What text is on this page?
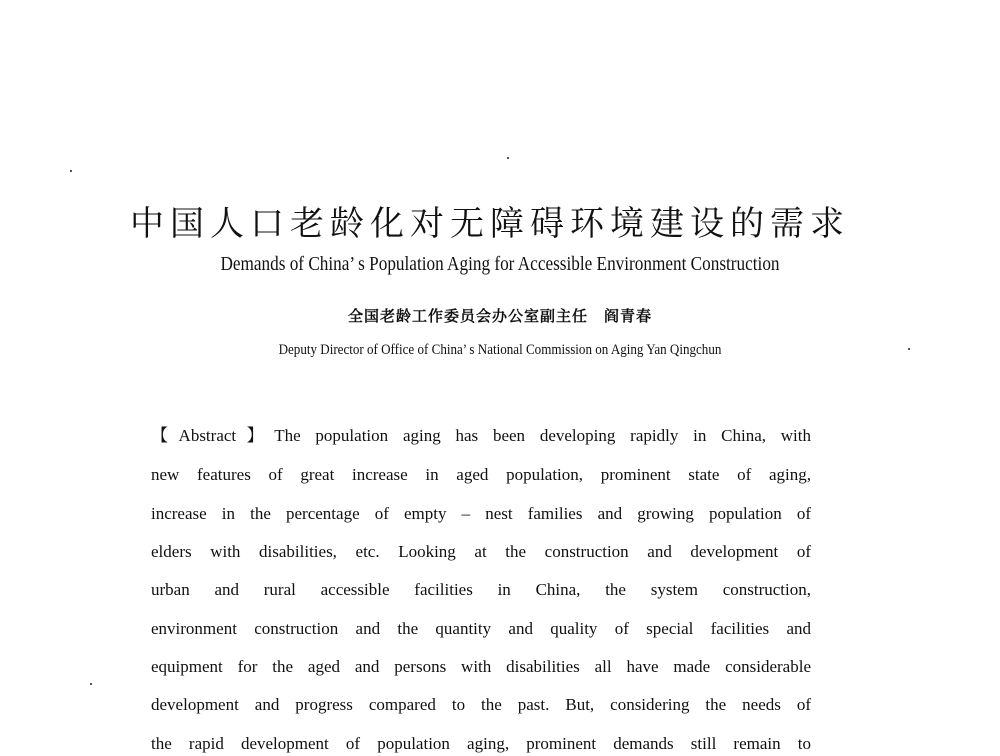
中国人口老龄化对无障碍环境建设的需求
Demands of China’ s Population Aging for Accessible Environment Construction
全国老龄工作委员会办公室副主任　阎青春
Deputy Director of Office of China’ s National Commission on Aging Yan Qingchun
【Abstract】The population aging has been developing rapidly in China, with
new features of great increase in aged population, prominent state of aging,
increase in the percentage of empty – nest families and growing population of
elders with disabilities, etc. Looking at the construction and development of
urban and rural accessible facilities in China, the system construction,
environment construction and the quantity and quality of special facilities and
equipment for the aged and persons with disabilities all have made considerable
development and progress compared to the past. But, considering the needs of
the rapid development of population aging, prominent demands still remain to
